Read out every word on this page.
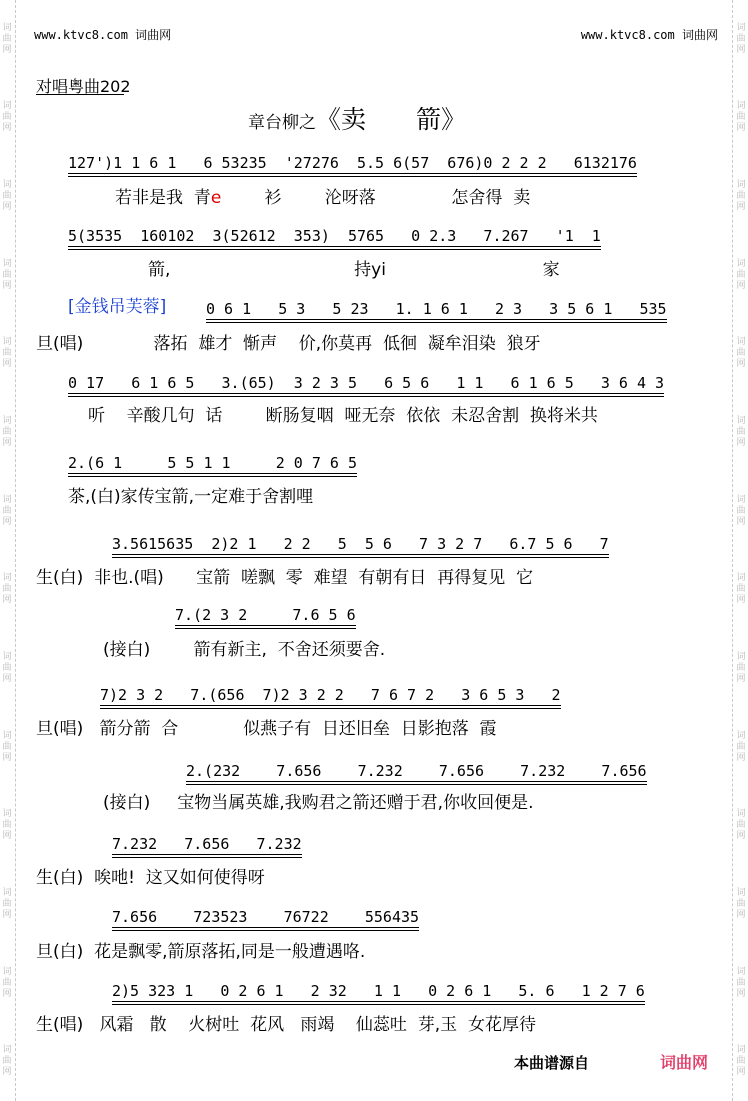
词
曲
网
词
曲
网
词
曲
网
词
曲
网
词
曲
网
词
曲
网
词
曲
网
词
曲
网
词
曲
网
词
曲
网
词
曲
网
词
曲
网
词
曲
网
词
曲
网
词
曲
网
词
曲
网
词
曲
网
词
曲
网
词
曲
网
词
曲
网
词
曲
网
词
曲
网
词
曲
网
词
曲
网
词
曲
网
词
曲
网
词
曲
网
词
曲
网
www.ktvc8.com 词曲网	www.ktvc8.com 词曲网
对唱粤曲202
章台柳之《卖　　箭》
127')1 1 6 1   6 53235  '27276  5.5 6(57  676)0 2 2 2   6132176
若非是我  青e        衫        沦呀落              怎舍得  卖
5(3535  160102  3(52612  353)  5765   0 2.3   7.267   '1  1
箭,                                  持yi                             家
[金钱吊芙蓉]	0 6 1   5 3   5 23   1. 1 6 1   2 3   3 5 6 1   535
旦(唱)             落拓  雄才  惭声    价,你莫再  低徊  凝牟泪染  狼牙
0 17   6 1 6 5   3.(65)  3 2 3 5   6 5 6   1 1   6 1 6 5   3 6 4 3
听    辛酸几句  话        断肠复咽  哑无奈  依依  未忍舍割  换将米共
2.(6 1     5 5 1 1     2 0 7 6 5
茶,(白)家传宝箭,一定难于舍割哩
3.5615635  2)2 1   2 2   5  5 6   7 3 2 7   6.7 5 6   7
生(白)  非也.(唱)      宝箭  嗟飘  零  难望  有朝有日  再得复见  它
7.(2 3 2     7.6 5 6
(接白)        箭有新主,  不舍还须要舍.
7)2 3 2   7.(656  7)2 3 2 2   7 6 7 2   3 6 5 3   2
旦(唱)   箭分箭  合            似燕子有  日还旧垒  日影抱落  霞
2.(232    7.656    7.232    7.656    7.232    7.656
(接白)     宝物当属英雄,我购君之箭还赠于君,你收回便是.
7.232   7.656   7.232
生(白)  唉吔!  这又如何使得呀
7.656    723523    76722    556435
旦(白)  花是飘零,箭原落拓,同是一般遭遇咯.
2)5 323 1   0 2 6 1   2 32   1 1   0 2 6 1   5. 6   1 2 7 6
生(唱)   风霜   散    火树吐  花风   雨竭    仙蕊吐  芽,玉  女花厚待
本曲谱源自	词曲网
